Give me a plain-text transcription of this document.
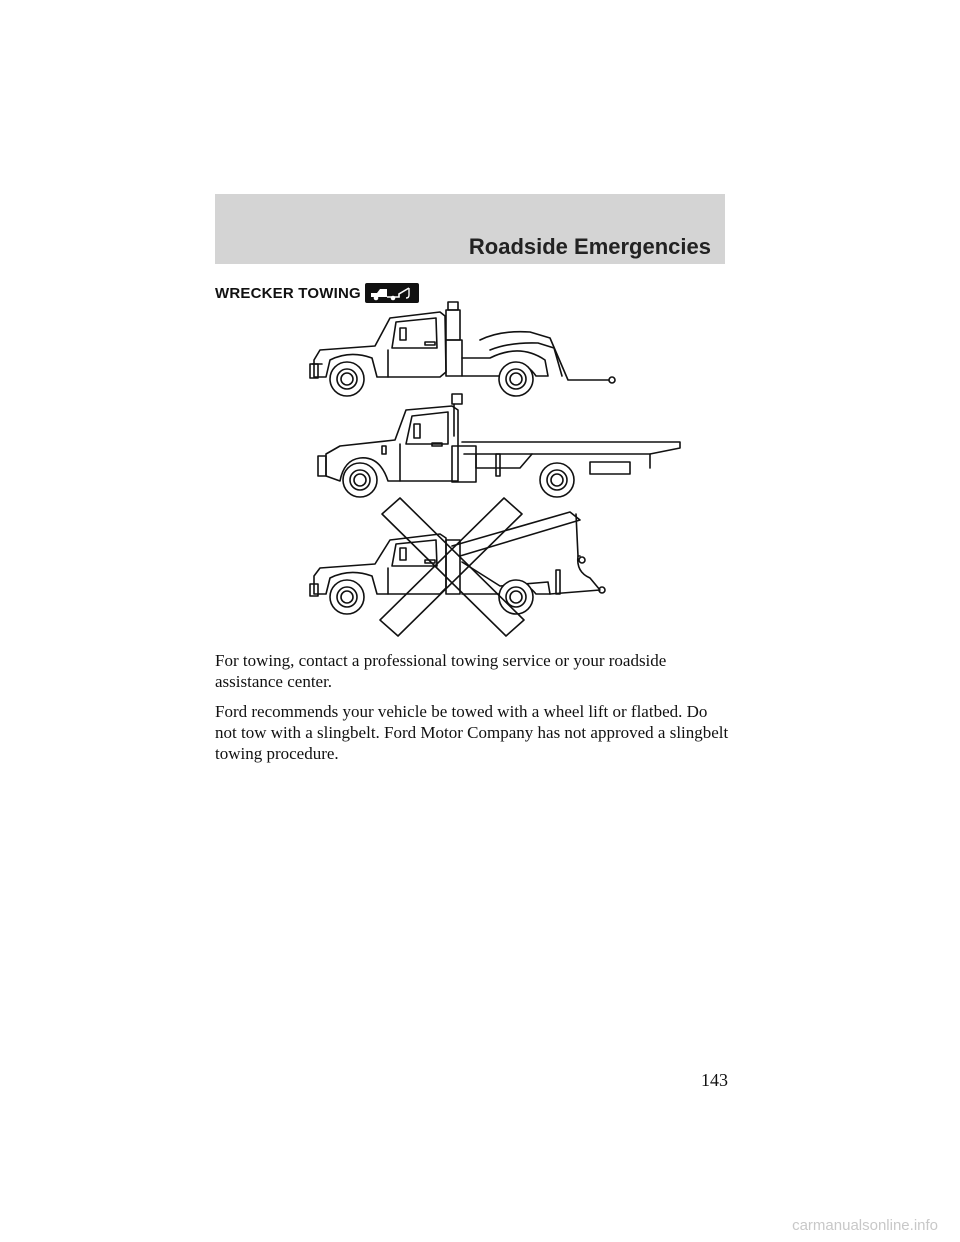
Roadside Emergencies
WRECKER TOWING

For towing, contact a professional towing service or your roadside assistance center.

Ford recommends your vehicle be towed with a wheel lift or flatbed. Do not tow with a slingbelt. Ford Motor Company has not approved a slingbelt towing procedure.

143
carmanualsonline.info
